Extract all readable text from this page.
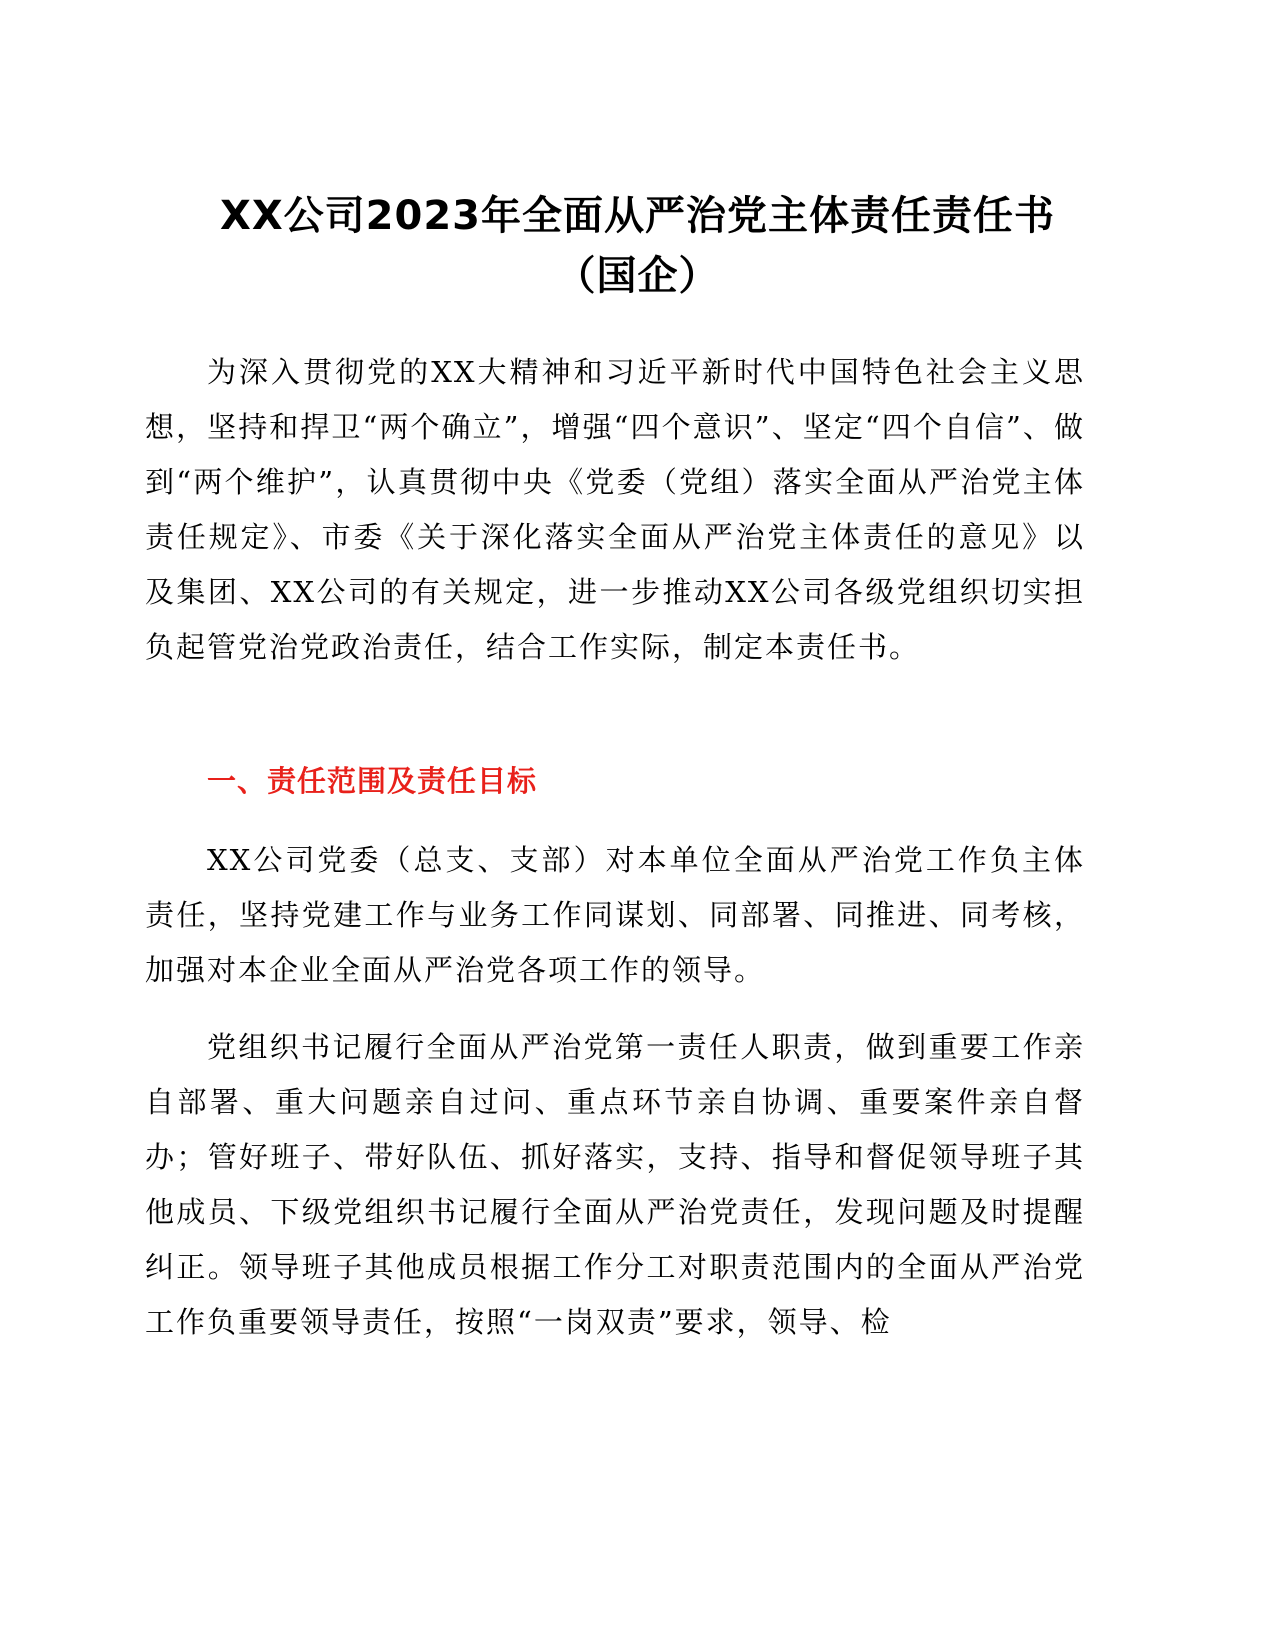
XX公司2023年全面从严治党主体责任责任书
（国企）

为深入贯彻党的XX大精神和习近平新时代中国特色社会主义思想，坚持和捍卫“两个确立”，增强“四个意识”、坚定“四个自信”、做到“两个维护”，认真贯彻中央《党委（党组）落实全面从严治党主体责任规定》、市委《关于深化落实全面从严治党主体责任的意见》以及集团、XX公司的有关规定，进一步推动XX公司各级党组织切实担负起管党治党政治责任，结合工作实际，制定本责任书。

一、责任范围及责任目标

XX公司党委（总支、支部）对本单位全面从严治党工作负主体责任，坚持党建工作与业务工作同谋划、同部署、同推进、同考核，加强对本企业全面从严治党各项工作的领导。

党组织书记履行全面从严治党第一责任人职责，做到重要工作亲自部署、重大问题亲自过问、重点环节亲自协调、重要案件亲自督办；管好班子、带好队伍、抓好落实，支持、指导和督促领导班子其他成员、下级党组织书记履行全面从严治党责任，发现问题及时提醒纠正。领导班子其他成员根据工作分工对职责范围内的全面从严治党工作负重要领导责任，按照“一岗双责”要求，领导、检
